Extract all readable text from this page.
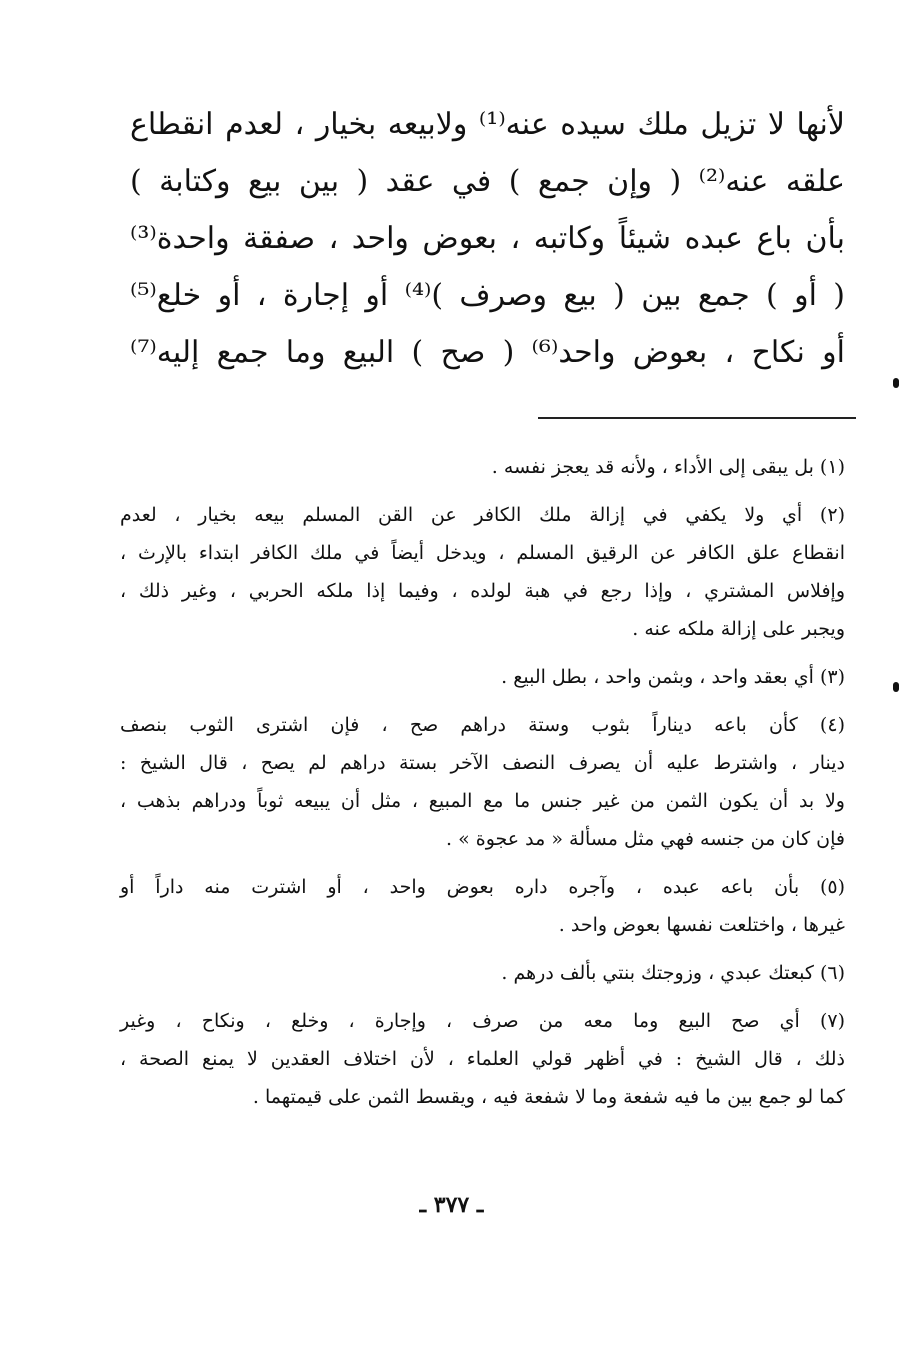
لأنها لا تزيل ملك سيده عنه⁽¹⁾ ولابيعه بخيار ، لعدم انقطاع
علقه عنه⁽²⁾ ( وإن جمع ) في عقد ( بين بيع وكتابة )
بأن باع عبده شيئاً وكاتبه ، بعوض واحد ، صفقة واحدة⁽³⁾
( أو ) جمع بين ( بيع وصرف )⁽⁴⁾ أو إجارة ، أو خلع⁽⁵⁾
أو نكاح ، بعوض واحد⁽⁶⁾ ( صح ) البيع وما جمع إليه⁽⁷⁾
(١) بل يبقى إلى الأداء ، ولأنه قد يعجز نفسه .
(٢) أي ولا يكفي في إزالة ملك الكافر عن القن المسلم بيعه بخيار ، لعدم
انقطاع علق الكافر عن الرقيق المسلم ، ويدخل أيضاً في ملك الكافر ابتداء بالإرث ،
وإفلاس المشتري ، وإذا رجع في هبة لولده ، وفيما إذا ملكه الحربي ، وغير ذلك ،
ويجبر على إزالة ملكه عنه .
(٣) أي بعقد واحد ، وبثمن واحد ، بطل البيع .
(٤) كأن باعه ديناراً بثوب وستة دراهم صح ، فإن اشترى الثوب بنصف
دينار ، واشترط عليه أن يصرف النصف الآخر بستة دراهم لم يصح ، قال الشيخ :
ولا بد أن يكون الثمن من غير جنس ما مع المبيع ، مثل أن يبيعه ثوباً ودراهم بذهب ،
فإن كان من جنسه فهي مثل مسألة « مد عجوة » .
(٥) بأن باعه عبده ، وآجره داره بعوض واحد ، أو اشترت منه داراً أو
غيرها ، واختلعت نفسها بعوض واحد .
(٦) كبعتك عبدي ، وزوجتك بنتي بألف درهم .
(٧) أي صح البيع وما معه من صرف ، وإجارة ، وخلع ، ونكاح ، وغير
ذلك ، قال الشيخ : في أظهر قولي العلماء ، لأن اختلاف العقدين لا يمنع الصحة ،
كما لو جمع بين ما فيه شفعة وما لا شفعة فيه ، ويقسط الثمن على قيمتهما .
ـ ٣٧٧ ـ
